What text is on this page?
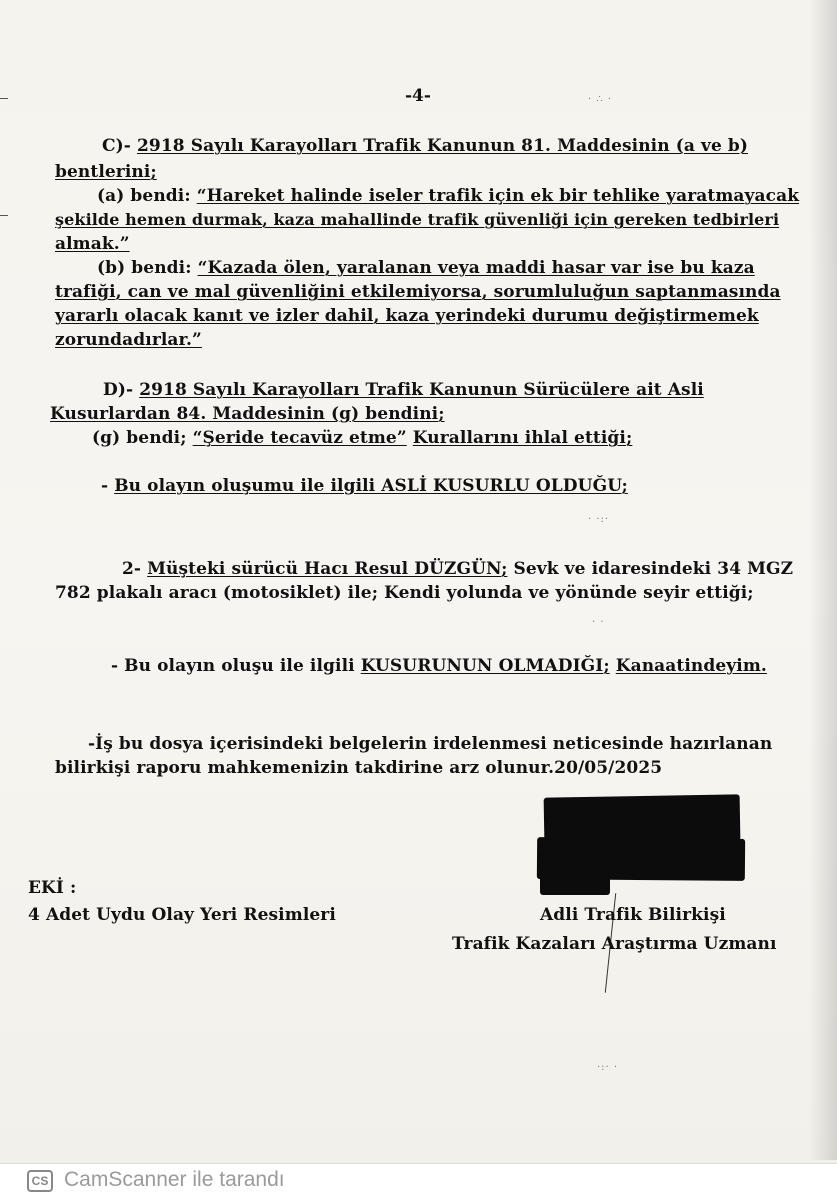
-4-	· ∴ ·
C)- 2918 Sayılı Karayolları Trafik Kanunun 81. Maddesinin (a ve b)
bentlerini;
(a) bendi: “Hareket halinde iseler trafik için ek bir tehlike yaratmayacak
şekilde hemen durmak, kaza mahallinde trafik güvenliği için gereken tedbirleri
almak.”
(b) bendi: “Kazada ölen, yaralanan veya maddi hasar var ise bu kaza
trafiği, can ve mal güvenliğini etkilemiyorsa, sorumluluğun saptanmasında
yararlı olacak kanıt ve izler dahil, kaza yerindeki durumu değiştirmemek
zorundadırlar.”
D)- 2918 Sayılı Karayolları Trafik Kanunun Sürücülere ait Asli
Kusurlardan 84. Maddesinin (g) bendini;
(g) bendi; “Şeride tecavüz etme” Kurallarını ihlal ettiği;
- Bu olayın oluşumu ile ilgili ASLİ KUSURLU OLDUĞU;
· ·:·
2- Müşteki sürücü Hacı Resul DÜZGÜN; Sevk ve idaresindeki 34 MGZ
782 plakalı aracı (motosiklet) ile; Kendi yolunda ve yönünde seyir ettiği;
· ·
- Bu olayın oluşu ile ilgili KUSURUNUN OLMADIĞI; Kanaatindeyim.
-İş bu dosya içerisindeki belgelerin irdelenmesi neticesinde hazırlanan
bilirkişi raporu mahkemenizin takdirine arz olunur.20/05/2025
EKİ :
4 Adet Uydu Olay Yeri Resimleri	Adli Trafik Bilirkişi
Trafik Kazaları Araştırma Uzmanı
·:· ·
CS CamScanner ile tarandı
